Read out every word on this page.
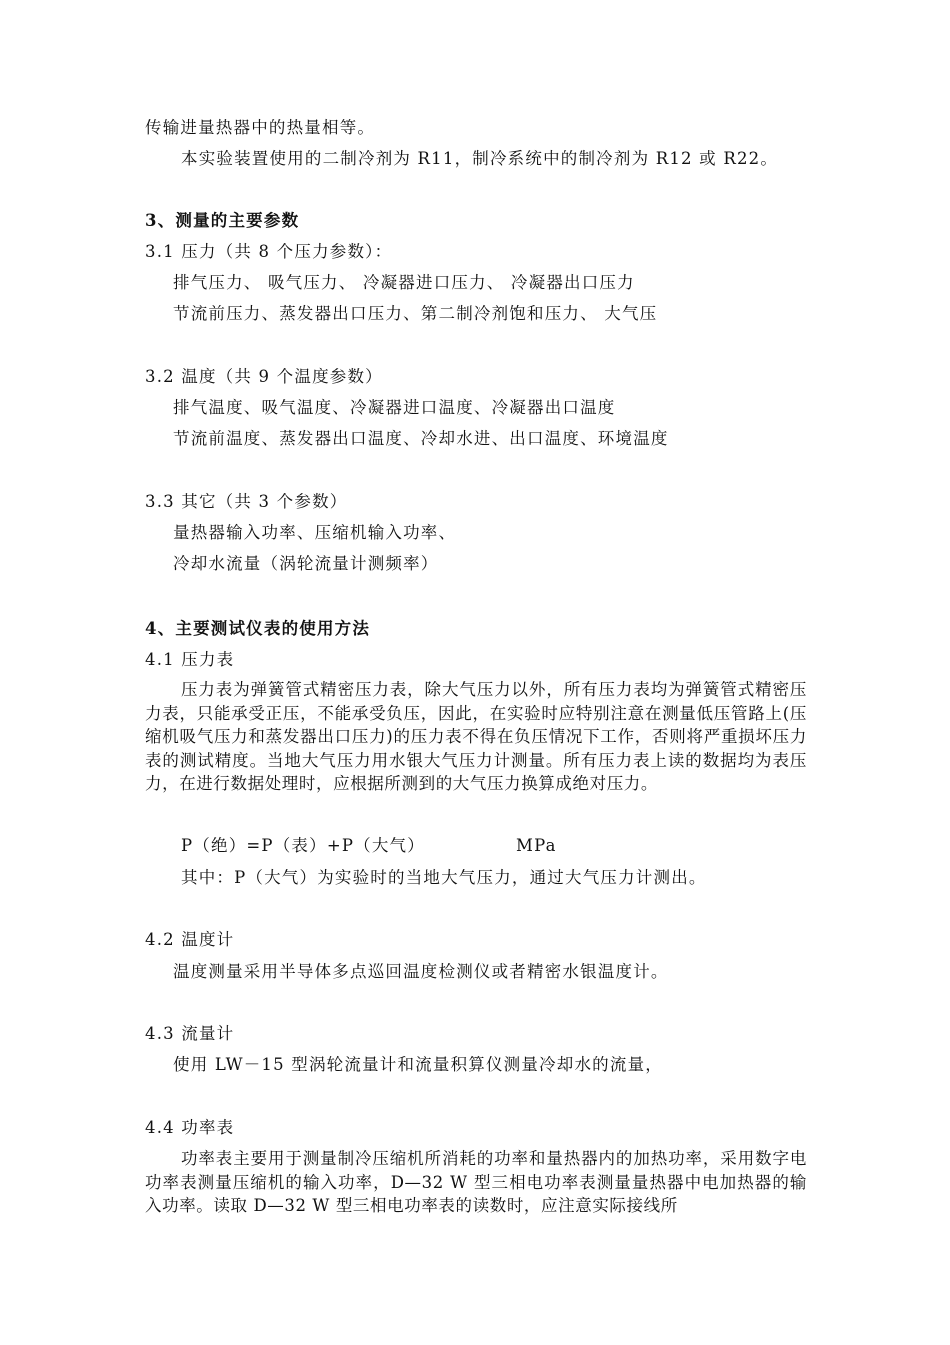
传输进量热器中的热量相等。
本实验装置使用的二制冷剂为 R11，制冷系统中的制冷剂为 R12 或 R22。
3、测量的主要参数
3.1 压力（共 8 个压力参数）：
排气压力、 吸气压力、 冷凝器进口压力、 冷凝器出口压力
节流前压力、蒸发器出口压力、第二制冷剂饱和压力、 大气压
3.2 温度（共 9 个温度参数）
排气温度、吸气温度、冷凝器进口温度、冷凝器出口温度
节流前温度、蒸发器出口温度、冷却水进、出口温度、环境温度
3.3 其它（共 3 个参数）
量热器输入功率、压缩机输入功率、
冷却水流量（涡轮流量计测频率）
4、主要测试仪表的使用方法
4.1 压力表

压力表为弹簧管式精密压力表，除大气压力以外，所有压力表均为弹簧管式精密压力表，只能承受正压，不能承受负压，因此，在实验时应特别注意在测量低压管路上(压缩机吸气压力和蒸发器出口压力)的压力表不得在负压情况下工作，否则将严重损坏压力表的测试精度。当地大气压力用水银大气压力计测量。所有压力表上读的数据均为表压力，在进行数据处理时，应根据所测到的大气压力换算成绝对压力。

P（绝）=P（表）+P（大气）	MPa
其中：P（大气）为实验时的当地大气压力，通过大气压力计测出。
4.2 温度计
温度测量采用半导体多点巡回温度检测仪或者精密水银温度计。
4.3 流量计
使用 LW－15 型涡轮流量计和流量积算仪测量冷却水的流量，
4.4 功率表

功率表主要用于测量制冷压缩机所消耗的功率和量热器内的加热功率，采用数字电功率表测量压缩机的输入功率，D—32 W 型三相电功率表测量量热器中电加热器的输入功率。读取 D—32 W 型三相电功率表的读数时，应注意实际接线所
